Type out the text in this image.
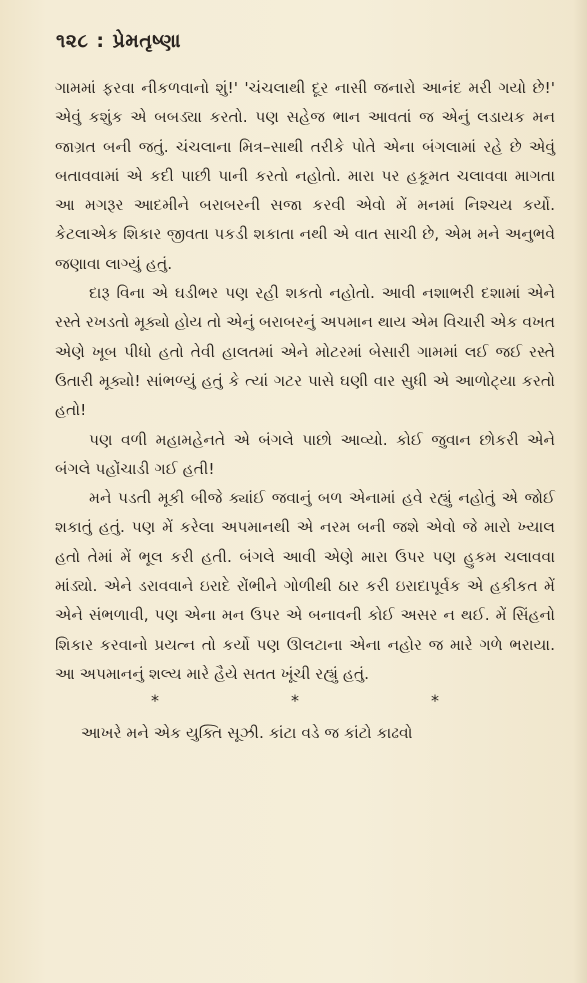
૧૨૮ : પ્રેમતૃષ્ણા

ગામમાં ફરવા નીકળવાનો શું!' 'ચંચલાથી દૂર નાસી જનારો આનંદ મરી ગયો છે!' એવું કશુંક એ બબડ્યા કરતો. પણ સહેજ ભાન આવતાં જ એનું લડાયક મન જાગ્રત બની જતું. ચંચલાના મિત્ર–સાથી તરીકે પોતે એના બંગલામાં રહે છે એવું બતાવવામાં એ કદી પાછી પાની કરતો નહોતો. મારા પર હકૂમત ચલાવવા માગતા આ મગરૂર આદમીને બરાબરની સજા કરવી એવો મેં મનમાં નિશ્ચય કર્યો. કેટલાએક શિકાર જીવતા પકડી શકાતા નથી એ વાત સાચી છે, એમ મને અનુભવે જણાવા લાગ્યું હતું.

દારૂ વિના એ ઘડીભર પણ રહી શકતો નહોતો. આવી નશાભરી દશામાં એને રસ્તે રખડતો મૂક્યો હોય તો એનું બરાબરનું અપમાન થાય એમ વિચારી એક વખત એણે ખૂબ પીધો હતો તેવી હાલતમાં એને મોટરમાં બેસારી ગામમાં લઈ જઈ રસ્તે ઉતારી મૂક્યો! સાંભળ્યું હતું કે ત્યાં ગટર પાસે ઘણી વાર સુધી એ આળોટ્યા કરતો હતો!

પણ વળી મહામહેનતે એ બંગલે પાછો આવ્યો. કોઈ જુવાન છોકરી એને બંગલે પહોંચાડી ગઈ હતી!

મને પડતી મૂકી બીજે ક્યાંઈ જવાનું બળ એનામાં હવે રહ્યું નહોતું એ જોઈ શકાતું હતું. પણ મેં કરેલા અપમાનથી એ નરમ બની જશે એવો જે મારો ખ્યાલ હતો તેમાં મેં ભૂલ કરી હતી. બંગલે આવી એણે મારા ઉપર પણ હુકમ ચલાવવા માંડ્યો. એને ડરાવવાને ઇરાદે રોંભીને ગોળીથી ઠાર કરી ઇરાદાપૂર્વક એ હકીકત મેં એને સંભળાવી, પણ એના મન ઉપર એ બનાવની કોઈ અસર ન થઈ. મેં સિંહનો શિકાર કરવાનો પ્રયત્ન તો કર્યો પણ ઊલટાના એના નહોર જ મારે ગળે ભરાયા. આ અપમાનનું શલ્ય મારે હૈયે સતત ખૂંચી રહ્યું હતું.

*	*	*

આખરે મને એક યુક્તિ સૂઝી. કાંટા વડે જ કાંટો કાઢવો
